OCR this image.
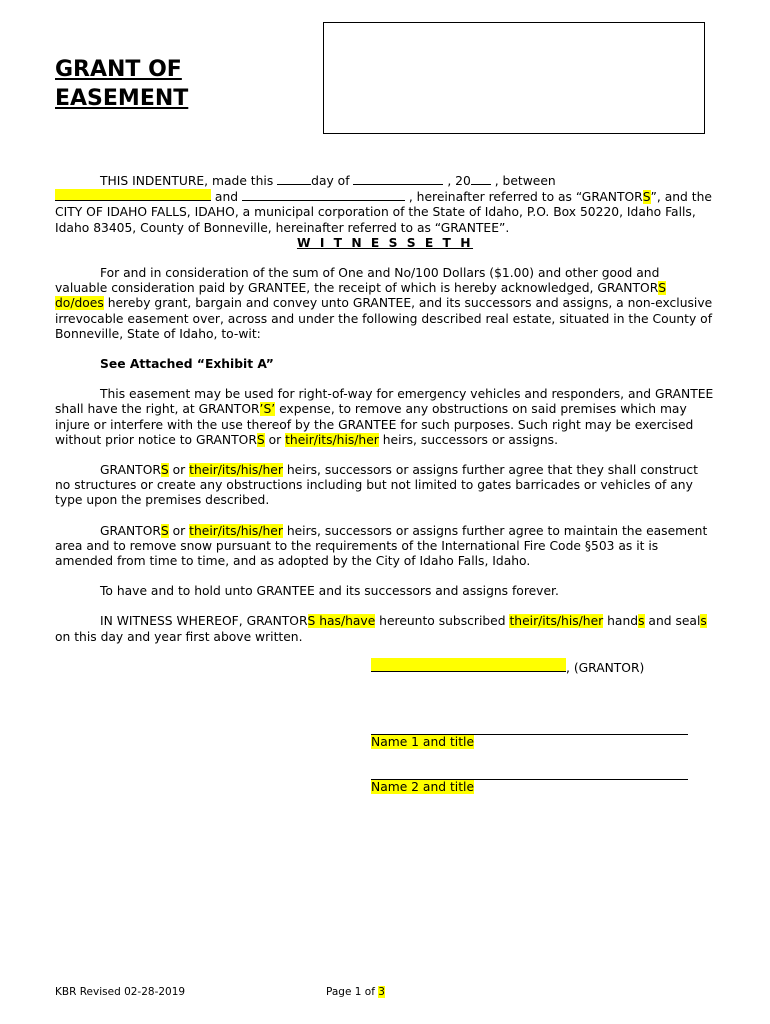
GRANT OF
EASEMENT

THIS INDENTURE, made this	day of	, 20 , between
and	, hereinafter referred to as “GRANTORS”, and the CITY OF IDAHO FALLS, IDAHO, a municipal corporation of the State of Idaho, P.O. Box 50220, Idaho Falls, Idaho 83405, County of Bonneville, hereinafter referred to as “GRANTEE”.

W I T N E S S E T H

For and in consideration of the sum of One and No/100 Dollars ($1.00) and other good and valuable consideration paid by GRANTEE, the receipt of which is hereby acknowledged, GRANTORS do/does hereby grant, bargain and convey unto GRANTEE, and its successors and assigns, a non-exclusive irrevocable easement over, across and under the following described real estate, situated in the County of Bonneville, State of Idaho, to-wit:

See Attached “Exhibit A”

This easement may be used for right-of-way for emergency vehicles and responders, and GRANTEE shall have the right, at GRANTOR’S’ expense, to remove any obstructions on said premises which may injure or interfere with the use thereof by the GRANTEE for such purposes. Such right may be exercised without prior notice to GRANTORS or their/its/his/her heirs, successors or assigns.

GRANTORS or their/its/his/her heirs, successors or assigns further agree that they shall construct no structures or create any obstructions including but not limited to gates barricades or vehicles of any type upon the premises described.

GRANTORS or their/its/his/her heirs, successors or assigns further agree to maintain the easement area and to remove snow pursuant to the requirements of the International Fire Code §503 as it is amended from time to time, and as adopted by the City of Idaho Falls, Idaho.

To have and to hold unto GRANTEE and its successors and assigns forever.

IN WITNESS WHEREOF, GRANTORS has/have hereunto subscribed their/its/his/her hands and seals on this day and year first above written.

, (GRANTOR)
Name 1 and title
Name 2 and title
KBR Revised 02-28-2019	Page 1 of 3
